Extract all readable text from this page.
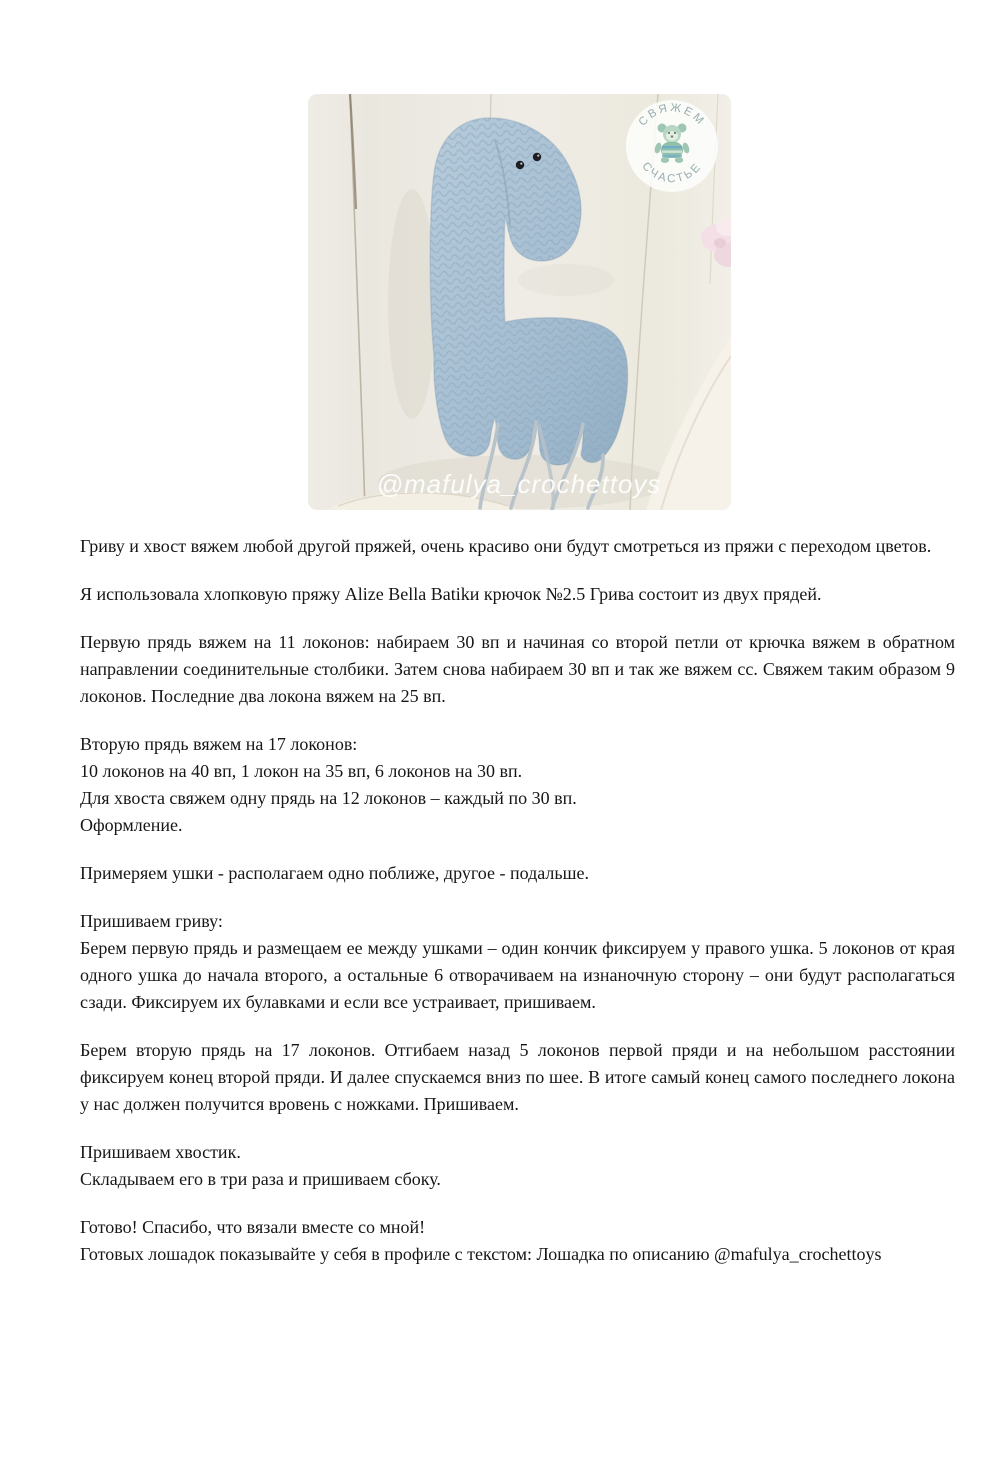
@mafulya_crochettoys
СВЯЖЕМ
СЧАСТЬЕ
Гриву и хвост вяжем любой другой пряжей, очень красиво они будут смотреться из пряжи с переходом цветов.
Я использовала хлопковую пряжу Alize Bella Batikи крючок №2.5 Грива состоит из двух прядей.
Первую прядь вяжем на 11 локонов: набираем 30 вп и начиная со второй петли от крючка вяжем в обратном направлении соединительные столбики. Затем снова набираем 30 вп и так же вяжем сс. Свяжем таким образом 9 локонов. Последние два локона вяжем на 25 вп.
Вторую прядь вяжем на 17 локонов:
10 локонов на 40 вп, 1 локон на 35 вп, 6 локонов на 30 вп.
Для хвоста свяжем одну прядь на 12 локонов – каждый по 30 вп.
Оформление.
Примеряем ушки - располагаем одно поближе, другое - подальше.
Пришиваем гриву:
Берем первую прядь и размещаем ее между ушками – один кончик фиксируем у правого ушка. 5 локонов от края одного ушка до начала второго, а остальные 6 отворачиваем на изнаночную сторону – они будут располагаться сзади. Фиксируем их булавками и если все устраивает, пришиваем.
Берем вторую прядь на 17 локонов. Отгибаем назад 5 локонов первой пряди и на небольшом расстоянии фиксируем конец второй пряди. И далее спускаемся вниз по шее. В итоге самый конец самого последнего локона у нас должен получится вровень с ножками. Пришиваем.
Пришиваем хвостик.
Складываем его в три раза и пришиваем сбоку.
Готово! Спасибо, что вязали вместе со мной!
Готовых лошадок показывайте у себя в профиле с текстом: Лошадка по описанию @mafulya_crochettoys
